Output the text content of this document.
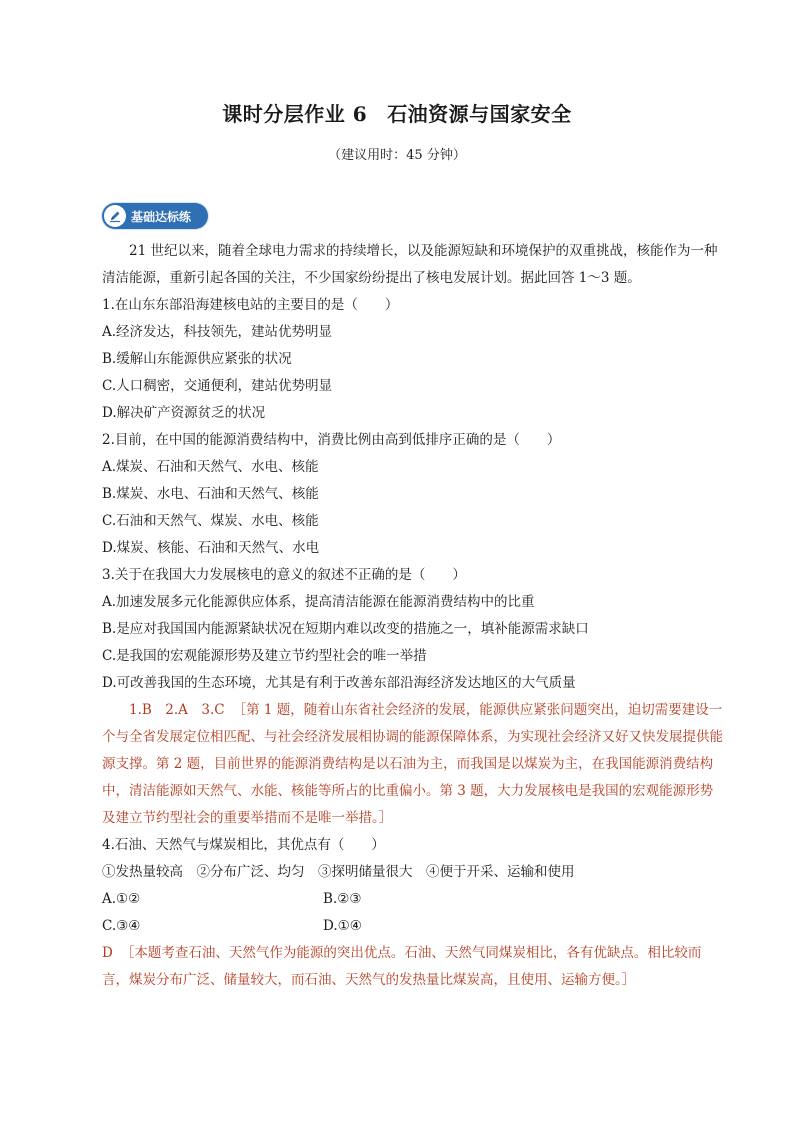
课时分层作业 6 石油资源与国家安全
（建议用时：45 分钟）
基础达标练

21 世纪以来，随着全球电力需求的持续增长，以及能源短缺和环境保护的双重挑战，核能作为一种清洁能源，重新引起各国的关注，不少国家纷纷提出了核电发展计划。据此回答 1～3 题。

1.在山东东部沿海建核电站的主要目的是（　　）

A.经济发达，科技领先，建站优势明显

B.缓解山东能源供应紧张的状况

C.人口稠密，交通便利，建站优势明显

D.解决矿产资源贫乏的状况

2.目前，在中国的能源消费结构中，消费比例由高到低排序正确的是（　　）

A.煤炭、石油和天然气、水电、核能

B.煤炭、水电、石油和天然气、核能

C.石油和天然气、煤炭、水电、核能

D.煤炭、核能、石油和天然气、水电

3.关于在我国大力发展核电的意义的叙述不正确的是（　　）

A.加速发展多元化能源供应体系，提高清洁能源在能源消费结构中的比重

B.是应对我国国内能源紧缺状况在短期内难以改变的措施之一，填补能源需求缺口

C.是我国的宏观能源形势及建立节约型社会的唯一举措

D.可改善我国的生态环境，尤其是有利于改善东部沿海经济发达地区的大气质量

1.B　2.A　3.C ［第 1 题，随着山东省社会经济的发展，能源供应紧张问题突出，迫切需要建设一个与全省发展定位相匹配、与社会经济发展相协调的能源保障体系，为实现社会经济又好又快发展提供能源支撑。第 2 题，目前世界的能源消费结构是以石油为主，而我国是以煤炭为主，在我国能源消费结构中，清洁能源如天然气、水能、核能等所占的比重偏小。第 3 题，大力发展核电是我国的宏观能源形势及建立节约型社会的重要举措而不是唯一举措。］

4.石油、天然气与煤炭相比，其优点有（　　）

①发热量较高　②分布广泛、均匀　③探明储量很大　④便于开采、运输和使用

A.①②	B.②③
C.③④	D.①④

D ［本题考查石油、天然气作为能源的突出优点。石油、天然气同煤炭相比，各有优缺点。相比较而言，煤炭分布广泛、储量较大，而石油、天然气的发热量比煤炭高，且使用、运输方便。］
